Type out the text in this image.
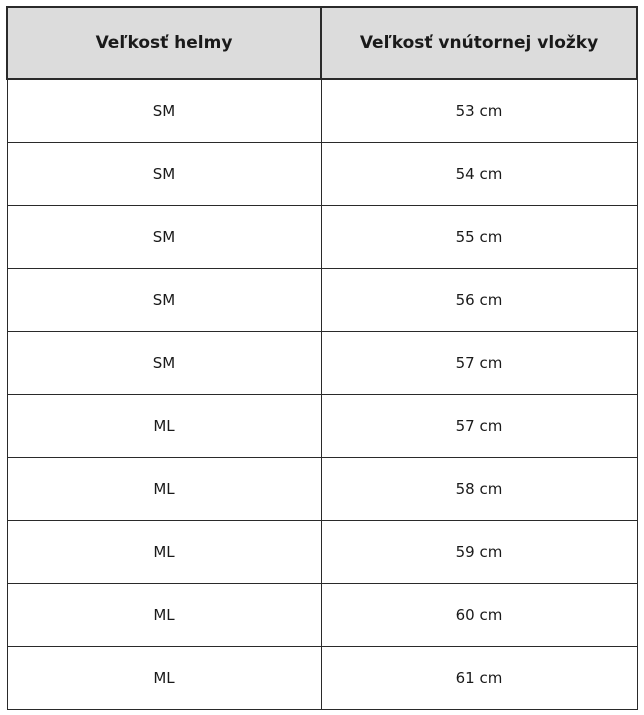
Veľkosť helmy	Veľkosť vnútornej vložky
SM	53 cm
SM	54 cm
SM	55 cm
SM	56 cm
SM	57 cm
ML	57 cm
ML	58 cm
ML	59 cm
ML	60 cm
ML	61 cm
